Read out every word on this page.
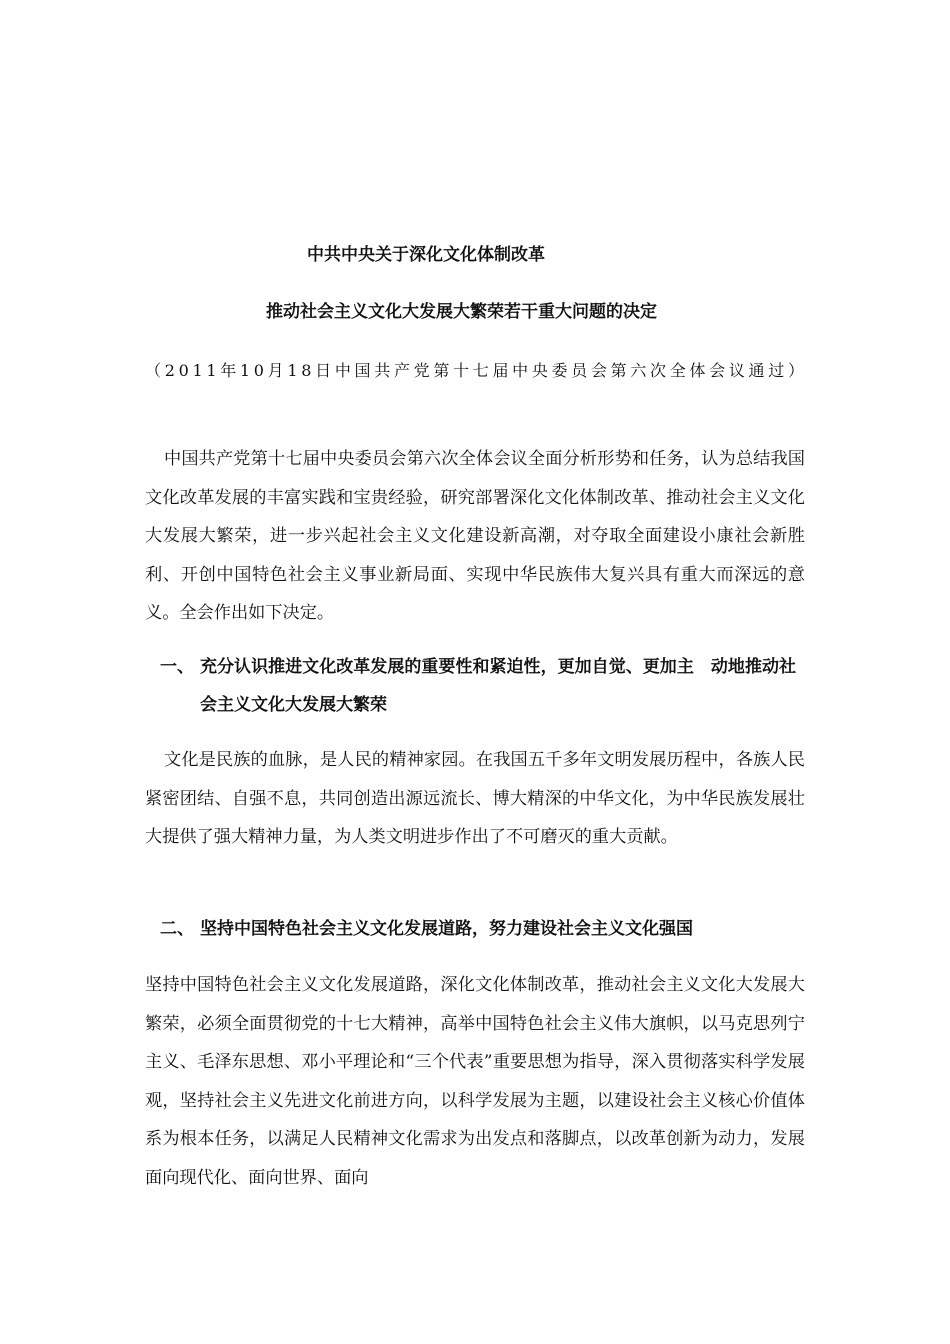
中共中央关于深化文化体制改革
推动社会主义文化大发展大繁荣若干重大问题的决定

（2011年10月18日中国共产党第十七届中央委员会第六次全体会议通过）

中国共产党第十七届中央委员会第六次全体会议全面分析形势和任务，认为总结我国文化改革发展的丰富实践和宝贵经验，研究部署深化文化体制改革、推动社会主义文化大发展大繁荣，进一步兴起社会主义文化建设新高潮，对夺取全面建设小康社会新胜利、开创中国特色社会主义事业新局面、实现中华民族伟大复兴具有重大而深远的意义。全会作出如下决定。

一、 充分认识推进文化改革发展的重要性和紧迫性，更加自觉、更加主　动地推动社会主义文化大发展大繁荣

文化是民族的血脉，是人民的精神家园。在我国五千多年文明发展历程中，各族人民紧密团结、自强不息，共同创造出源远流长、博大精深的中华文化，为中华民族发展壮大提供了强大精神力量，为人类文明进步作出了不可磨灭的重大贡献。

二、 坚持中国特色社会主义文化发展道路，努力建设社会主义文化强国

坚持中国特色社会主义文化发展道路，深化文化体制改革，推动社会主义文化大发展大繁荣，必须全面贯彻党的十七大精神，高举中国特色社会主义伟大旗帜，以马克思列宁主义、毛泽东思想、邓小平理论和“三个代表”重要思想为指导，深入贯彻落实科学发展观，坚持社会主义先进文化前进方向，以科学发展为主题，以建设社会主义核心价值体系为根本任务，以满足人民精神文化需求为出发点和落脚点，以改革创新为动力，发展面向现代化、面向世界、面向
